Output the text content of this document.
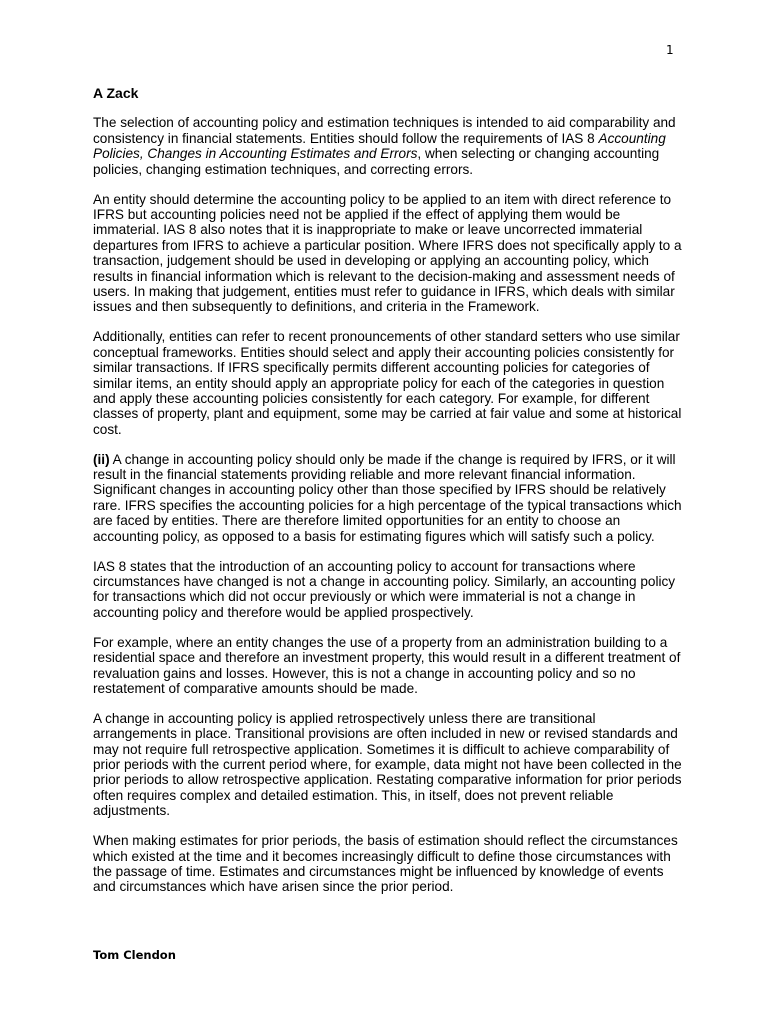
1
A Zack

The selection of accounting policy and estimation techniques is intended to aid comparability and consistency in financial statements. Entities should follow the requirements of IAS 8 Accounting Policies, Changes in Accounting Estimates and Errors, when selecting or changing accounting policies, changing estimation techniques, and correcting errors.

An entity should determine the accounting policy to be applied to an item with direct reference to IFRS but accounting policies need not be applied if the effect of applying them would be immaterial. IAS 8 also notes that it is inappropriate to make or leave uncorrected immaterial departures from IFRS to achieve a particular position. Where IFRS does not specifically apply to a transaction, judgement should be used in developing or applying an accounting policy, which results in financial information which is relevant to the decision-making and assessment needs of users. In making that judgement, entities must refer to guidance in IFRS, which deals with similar issues and then subsequently to definitions, and criteria in the Framework.

Additionally, entities can refer to recent pronouncements of other standard setters who use similar conceptual frameworks. Entities should select and apply their accounting policies consistently for similar transactions. If IFRS specifically permits different accounting policies for categories of similar items, an entity should apply an appropriate policy for each of the categories in question and apply these accounting policies consistently for each category. For example, for different classes of property, plant and equipment, some may be carried at fair value and some at historical cost.

(ii) A change in accounting policy should only be made if the change is required by IFRS, or it will result in the financial statements providing reliable and more relevant financial information. Significant changes in accounting policy other than those specified by IFRS should be relatively rare. IFRS specifies the accounting policies for a high percentage of the typical transactions which are faced by entities. There are therefore limited opportunities for an entity to choose an accounting policy, as opposed to a basis for estimating figures which will satisfy such a policy.

IAS 8 states that the introduction of an accounting policy to account for transactions where circumstances have changed is not a change in accounting policy. Similarly, an accounting policy for transactions which did not occur previously or which were immaterial is not a change in accounting policy and therefore would be applied prospectively.

For example, where an entity changes the use of a property from an administration building to a residential space and therefore an investment property, this would result in a different treatment of revaluation gains and losses. However, this is not a change in accounting policy and so no restatement of comparative amounts should be made.

A change in accounting policy is applied retrospectively unless there are transitional arrangements in place. Transitional provisions are often included in new or revised standards and may not require full retrospective application. Sometimes it is difficult to achieve comparability of prior periods with the current period where, for example, data might not have been collected in the prior periods to allow retrospective application. Restating comparative information for prior periods often requires complex and detailed estimation. This, in itself, does not prevent reliable adjustments.

When making estimates for prior periods, the basis of estimation should reflect the circumstances which existed at the time and it becomes increasingly difficult to define those circumstances with the passage of time. Estimates and circumstances might be influenced by knowledge of events and circumstances which have arisen since the prior period.

Tom Clendon
